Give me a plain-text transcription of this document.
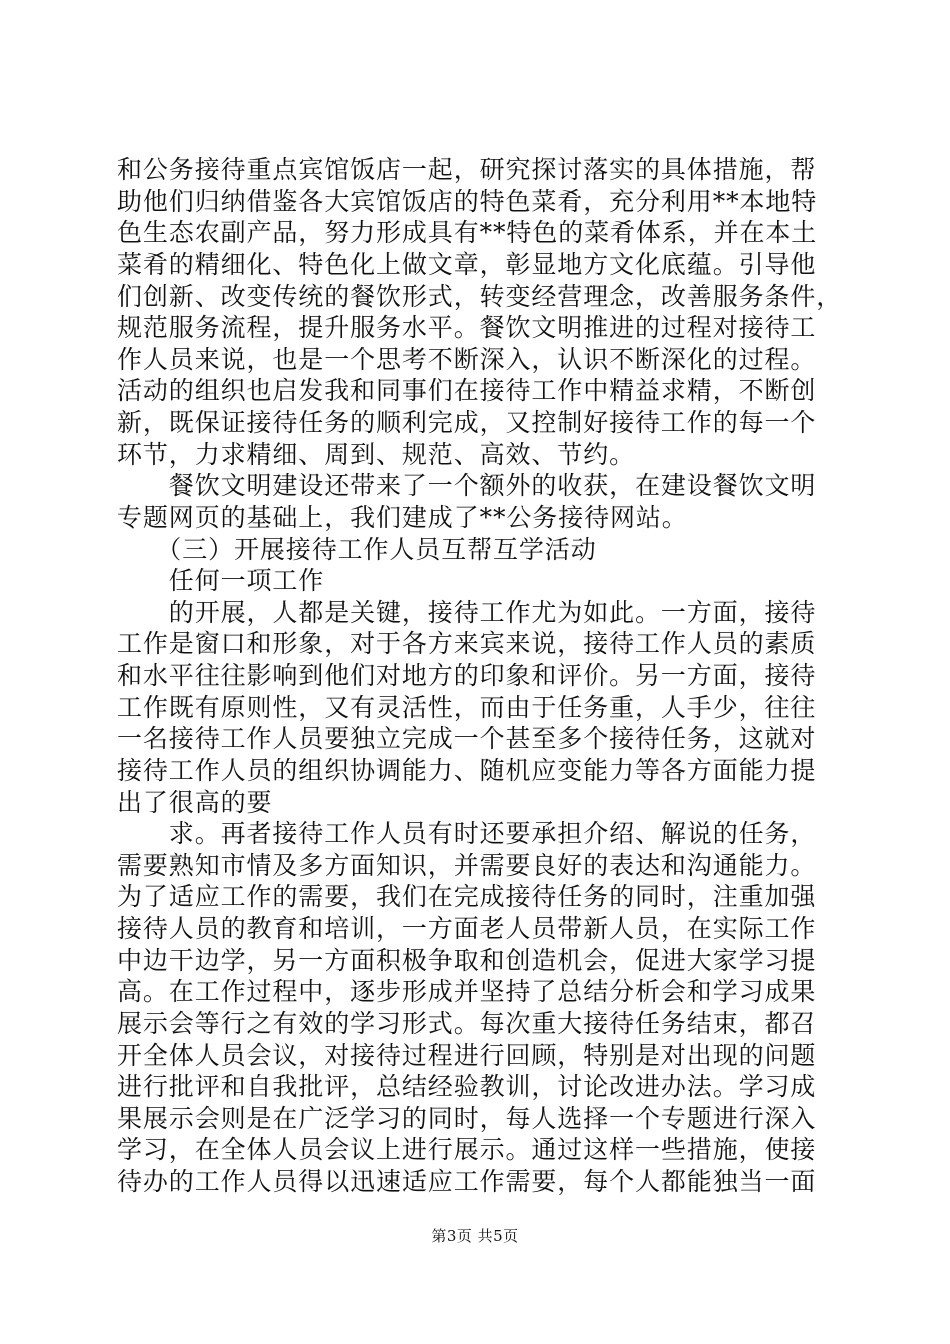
和公务接待重点宾馆饭店一起，研究探讨落实的具体措施，帮
助他们归纳借鉴各大宾馆饭店的特色菜肴，充分利用**本地特
色生态农副产品，努力形成具有**特色的菜肴体系，并在本土
菜肴的精细化、特色化上做文章，彰显地方文化底蕴。引导他
们创新、改变传统的餐饮形式，转变经营理念，改善服务条件，
规范服务流程，提升服务水平。餐饮文明推进的过程对接待工
作人员来说，也是一个思考不断深入，认识不断深化的过程。
活动的组织也启发我和同事们在接待工作中精益求精，不断创
新，既保证接待任务的顺利完成，又控制好接待工作的每一个
环节，力求精细、周到、规范、高效、节约。
　　餐饮文明建设还带来了一个额外的收获，在建设餐饮文明
专题网页的基础上，我们建成了**公务接待网站。
　　（三）开展接待工作人员互帮互学活动
　　任何一项工作
　　的开展，人都是关键，接待工作尤为如此。一方面，接待
工作是窗口和形象，对于各方来宾来说，接待工作人员的素质
和水平往往影响到他们对地方的印象和评价。另一方面，接待
工作既有原则性，又有灵活性，而由于任务重，人手少，往往
一名接待工作人员要独立完成一个甚至多个接待任务，这就对
接待工作人员的组织协调能力、随机应变能力等各方面能力提
出了很高的要
　　求。再者接待工作人员有时还要承担介绍、解说的任务，
需要熟知市情及多方面知识，并需要良好的表达和沟通能力。
为了适应工作的需要，我们在完成接待任务的同时，注重加强
接待人员的教育和培训，一方面老人员带新人员，在实际工作
中边干边学，另一方面积极争取和创造机会，促进大家学习提
高。在工作过程中，逐步形成并坚持了总结分析会和学习成果
展示会等行之有效的学习形式。每次重大接待任务结束，都召
开全体人员会议，对接待过程进行回顾，特别是对出现的问题
进行批评和自我批评，总结经验教训，讨论改进办法。学习成
果展示会则是在广泛学习的同时，每人选择一个专题进行深入
学习，在全体人员会议上进行展示。通过这样一些措施，使接
待办的工作人员得以迅速适应工作需要，每个人都能独当一面
第3页 共5页
